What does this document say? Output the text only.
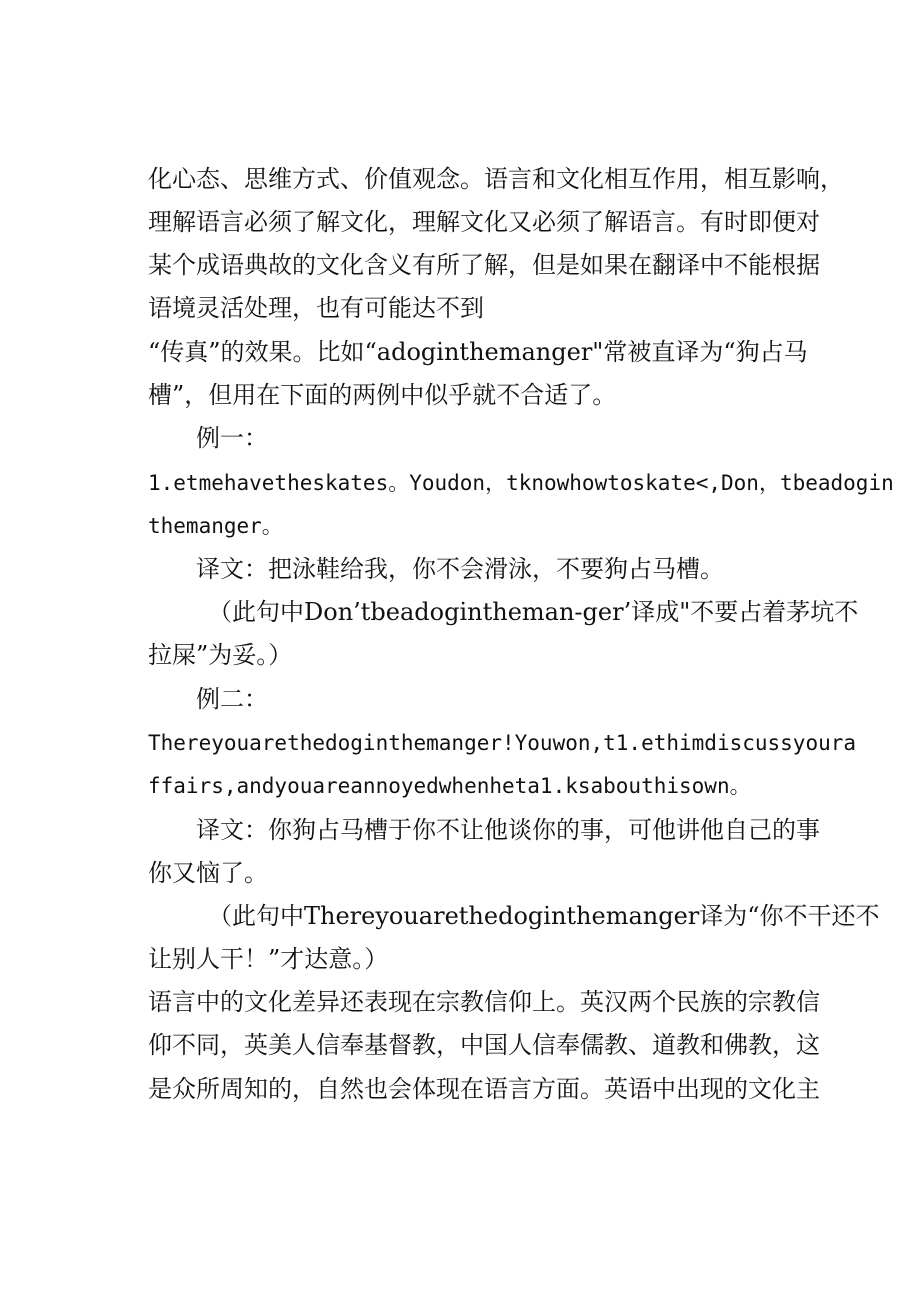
化心态、思维方式、价值观念。语言和文化相互作用，相互影响，
理解语言必须了解文化，理解文化又必须了解语言。有时即便对
某个成语典故的文化含义有所了解，但是如果在翻译中不能根据
语境灵活处理，也有可能达不到
“传真”的效果。比如“adoginthemanger"常被直译为“狗占马
槽”，但用在下面的两例中似乎就不合适了。
例一：
1.etmehavetheskates。Youdon，tknowhowtoskate<,Don，tbeadogin
themanger。
译文：把泳鞋给我，你不会滑泳，不要狗占马槽。
（此句中Don’tbeadogintheman-ger’译成"不要占着茅坑不
拉屎”为妥。）
例二：
Thereyouarethedoginthemanger!Youwon,t1.ethimdiscussyoura
ffairs,andyouareannoyedwhenheta1.ksabouthisown。
译文：你狗占马槽于你不让他谈你的事，可他讲他自己的事
你又恼了。
（此句中Thereyouarethedoginthemanger译为“你不干还不
让别人干！”才达意。）
语言中的文化差异还表现在宗教信仰上。英汉两个民族的宗教信
仰不同，英美人信奉基督教，中国人信奉儒教、道教和佛教，这
是众所周知的，自然也会体现在语言方面。英语中出现的文化主
